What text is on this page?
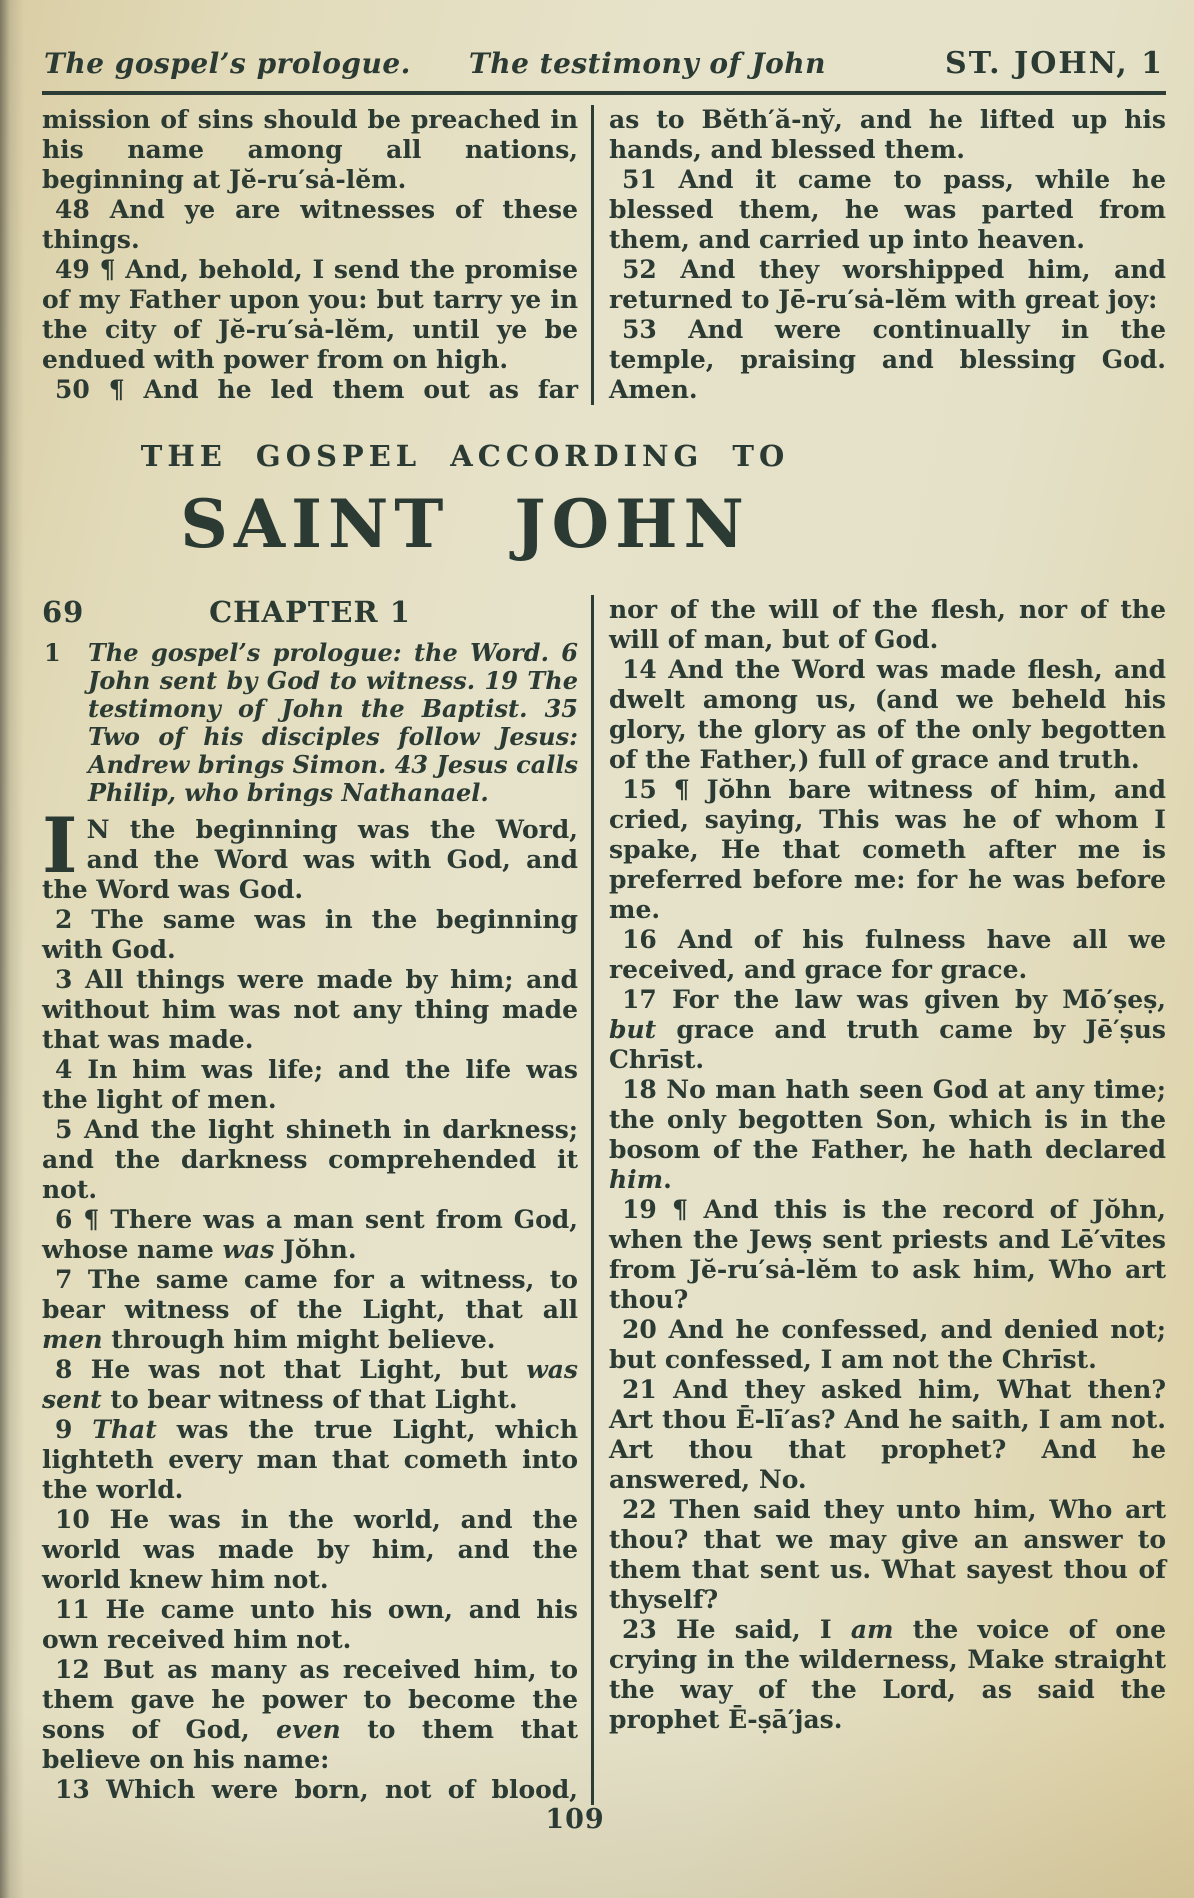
The gospel’s prologue. The testimony of John	ST. JOHN, 1

mission of sins should be preached in his name among all nations, beginning at Jĕ-ru′sȧ-lĕm.

48 And ye are witnesses of these things.

49 ¶ And, behold, I send the promise of my Father upon you: but tarry ye in the city of Jĕ-ru′sȧ-lĕm, until ye be endued with power from on high.

50 ¶ And he led them out as far

as to Bĕth′ă-ny̆, and he lifted up his hands, and blessed them.

51 And it came to pass, while he blessed them, he was parted from them, and carried up into heaven.

52 And they worshipped him, and returned to Jē-ru′sȧ-lĕm with great joy:

53 And were continually in the temple, praising and blessing God. Amen.

THE GOSPEL ACCORDING TO
SAINT JOHN
69	CHAPTER 1

1 The gospel’s prologue: the Word. 6 John sent by God to witness. 19 The testimony of John the Baptist. 35 Two of his disciples follow Jesus: Andrew brings Simon. 43 Jesus calls Philip, who brings Nathanael.

I N the beginning was the Word, and the Word was with God, and the Word was God.

2 The same was in the beginning with God.

3 All things were made by him; and without him was not any thing made that was made.

4 In him was life; and the life was the light of men.

5 And the light shineth in darkness; and the darkness comprehended it not.

6 ¶ There was a man sent from God, whose name was Jŏhn.

7 The same came for a witness, to bear witness of the Light, that all men through him might believe.

8 He was not that Light, but was sent to bear witness of that Light.

9 That was the true Light, which lighteth every man that cometh into the world.

10 He was in the world, and the world was made by him, and the world knew him not.

11 He came unto his own, and his own received him not.

12 But as many as received him, to them gave he power to become the sons of God, even to them that believe on his name:

13 Which were born, not of blood,

nor of the will of the flesh, nor of the will of man, but of God.

14 And the Word was made flesh, and dwelt among us, (and we beheld his glory, the glory as of the only begotten of the Father,) full of grace and truth.

15 ¶ Jŏhn bare witness of him, and cried, saying, This was he of whom I spake, He that cometh after me is preferred before me: for he was before me.

16 And of his fulness have all we received, and grace for grace.

17 For the law was given by Mō′ṣeṣ, but grace and truth came by Jē′ṣus Chrīst.

18 No man hath seen God at any time; the only begotten Son, which is in the bosom of the Father, he hath declared him.

19 ¶ And this is the record of Jŏhn, when the Jewṣ sent priests and Lē′vītes from Jĕ-ru′sȧ-lĕm to ask him, Who art thou?

20 And he confessed, and denied not; but confessed, I am not the Chrīst.

21 And they asked him, What then? Art thou Ē-lī′as? And he saith, I am not. Art thou that prophet? And he answered, No.

22 Then said they unto him, Who art thou? that we may give an answer to them that sent us. What sayest thou of thyself?

23 He said, I am the voice of one crying in the wilderness, Make straight the way of the Lord, as said the prophet Ē-ṣā′jas.

109
